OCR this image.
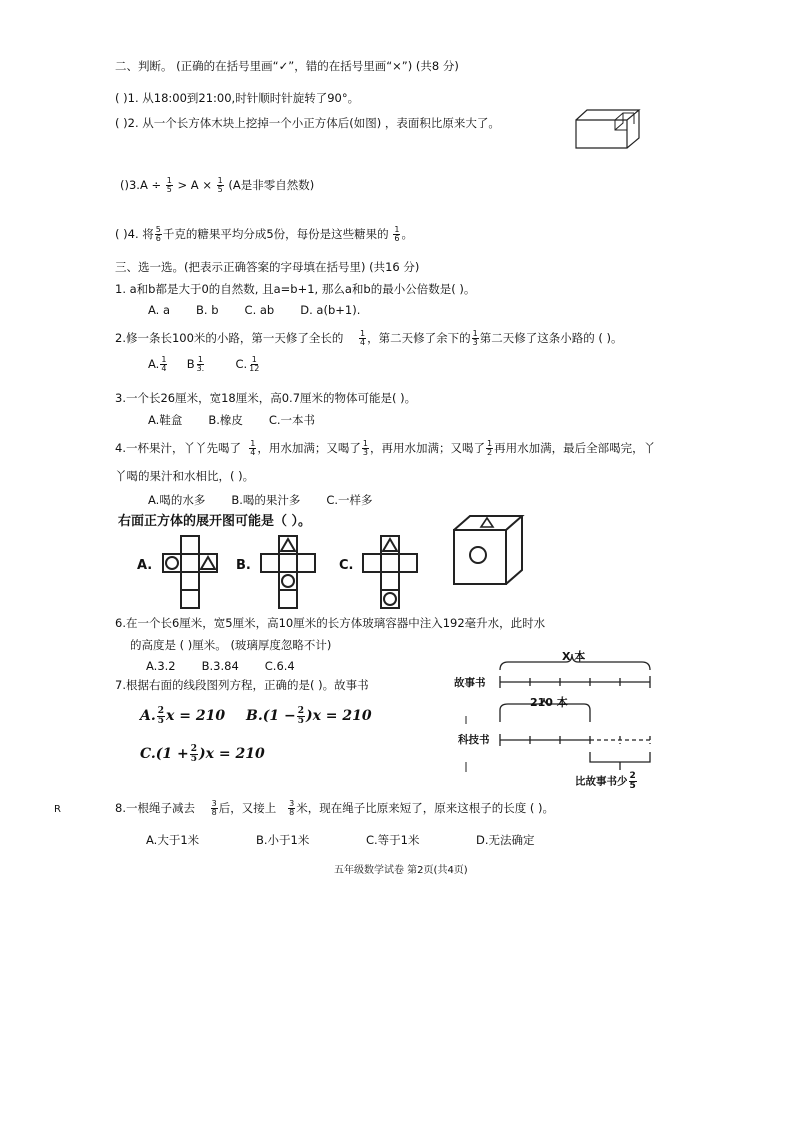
二、判断。 (正确的在括号里画“✓”，错的在括号里画“×”) (共8 分)
( )1. 从18:00到21:00,时针顺时针旋转了90°。
( )2. 从一个长方体木块上挖掉一个小正方体后(如图) ，表面积比原来大了。
$()3.A \div \frac{1}{5} > A \times \frac{1}{5} (A$是非零自然数)
( )4. 将 $\frac{5}{6}$ 千克的糖果平均分成5份，每份是这些糖果的 $\frac{1}{6}$ 。
三、选一选。(把表示正确答案的字母填在括号里) (共16 分)
1. a和b都是大于0的自然数, 且a=b+1, 那么a和b的最小公倍数是( )。
A. a B. b C. ab D. a(b+1).
2.修一条长100米的小路，第一天修了全长的 $\frac{1}{4}$ ，第二天修了余下的 $\frac{1}{3}$ 第二天修了这条小路的 ( )。
A. $\frac{1}{4}$ B $\frac{1}{3.}$	C. $\frac{1}{12}$
3.一个长26厘米，宽18厘米，高0.7厘米的物体可能是( )。
A.鞋盒 B.橡皮 C.一本书
4.一杯果汁，丫丫先喝了 $\frac{1}{4}$ ，用水加满；又喝了 $\frac{1}{3}$ ，再用水加满；又喝了 $\frac{1}{2}$ 再用水加满，最后全部喝完，丫
丫喝的果汁和水相比，( )。
A.喝的水多 B.喝的果汁多 C.一样多
右面正方体的展开图可能是（ ）。
A.	B.	C.
6.在一个长6厘米，宽5厘米，高10厘米的长方体玻璃容器中注入192毫升水，此时水
的高度是 ( )厘米。 (玻璃厚度忽略不计)
A.3.2 B.3.84 C.6.4
7.根据右面的线段图列方程，正确的是( )。故事书
A. $\frac{2}{5}$ x = 210 $B.(1 - \frac{2}{5} )x = 210$
$C.(1 + \frac{2}{5} )x = 210$
X 本
故事书
210 本
科技书
比故事书少 $\frac{2}{5}$
R	8.一根绳子减去 $\frac{3}{8}$ 后，又接上 $\frac{3}{8}$ 米，现在绳子比原来短了，原来这根子的长度 ( )。
A.大于1米	B.小于1米	C.等于1米	D.无法确定
五年级数学试卷 第2页(共4页)
